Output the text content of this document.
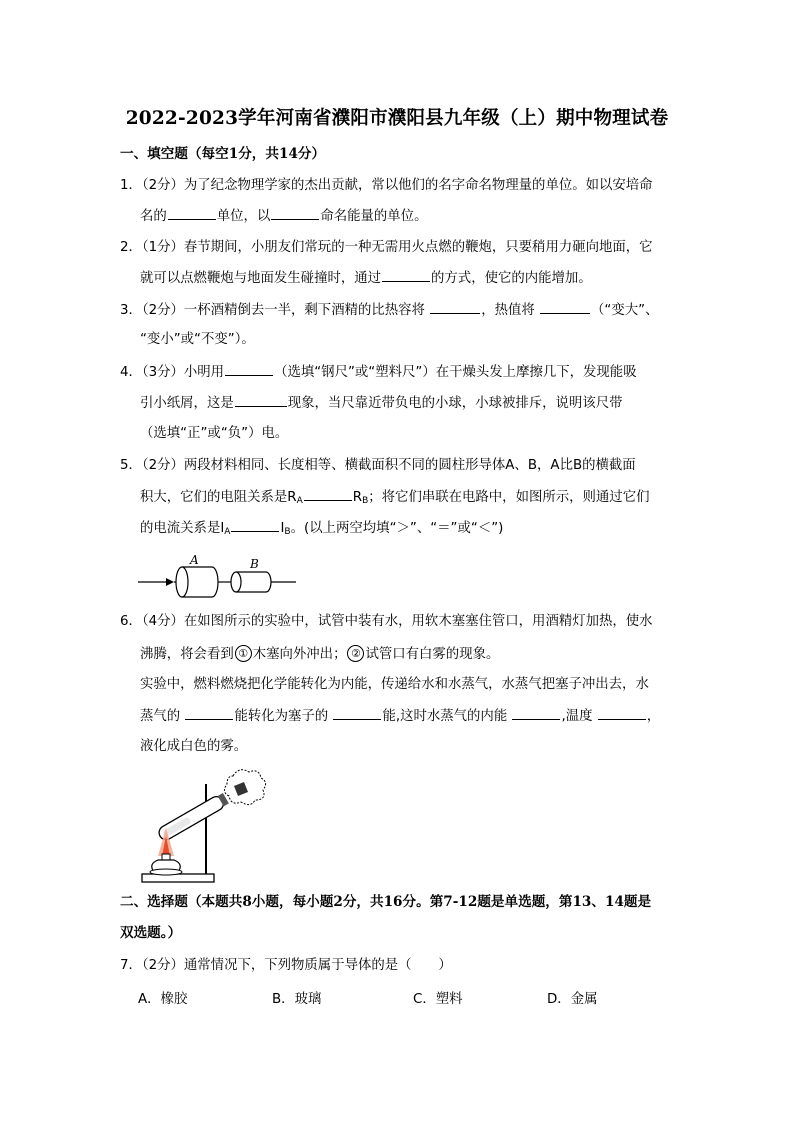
2022-2023学年河南省濮阳市濮阳县九年级（上）期中物理试卷
一、填空题（每空1分，共14分）
1．（2分）为了纪念物理学家的杰出贡献，常以他们的名字命名物理量的单位。如以安培命
名的	单位，以	命名能量的单位。
2．（1分）春节期间，小朋友们常玩的一种无需用火点燃的鞭炮，只要稍用力砸向地面，它
就可以点燃鞭炮与地面发生碰撞时，通过	的方式，使它的内能增加。
3．（2分）一杯酒精倒去一半，剩下酒精的比热容将	，热值将	（“变大”、
“变小”或“不变”）。
4．（3分）小明用	（选填“钢尺”或“塑料尺”）在干燥头发上摩擦几下，发现能吸
引小纸屑，这是	现象，当尺靠近带负电的小球，小球被排斥，说明该尺带
（选填“正”或“负”）电。
5．（2分）两段材料相同、长度相等、横截面积不同的圆柱形导体A、B，A比B的横截面
积大，它们的电阻关系是$R_A$	$R_B$；将它们串联在电路中，如图所示，则通过它们
的电流关系是$I_A$	$I_B$。(以上两空均填“＞”、“＝”或“＜”)
A	B
6．（4分）在如图所示的实验中，试管中装有水，用软木塞塞住管口，用酒精灯加热，使水
沸腾，将会看到 ① 木塞向外冲出； ② 试管口有白雾的现象。
实验中，燃料燃烧把化学能转化为内能，传递给水和水蒸气，水蒸气把塞子冲出去，水
蒸气的	能转化为塞子的	能,这时水蒸气的内能	,温度	，
液化成白色的雾。
二、选择题（本题共8小题，每小题2分，共16分。第7-12题是单选题，第13、14题是
双选题。）
7．（2分）通常情况下，下列物质属于导体的是（　　）
A．橡胶	B．玻璃	C．塑料	D．金属
